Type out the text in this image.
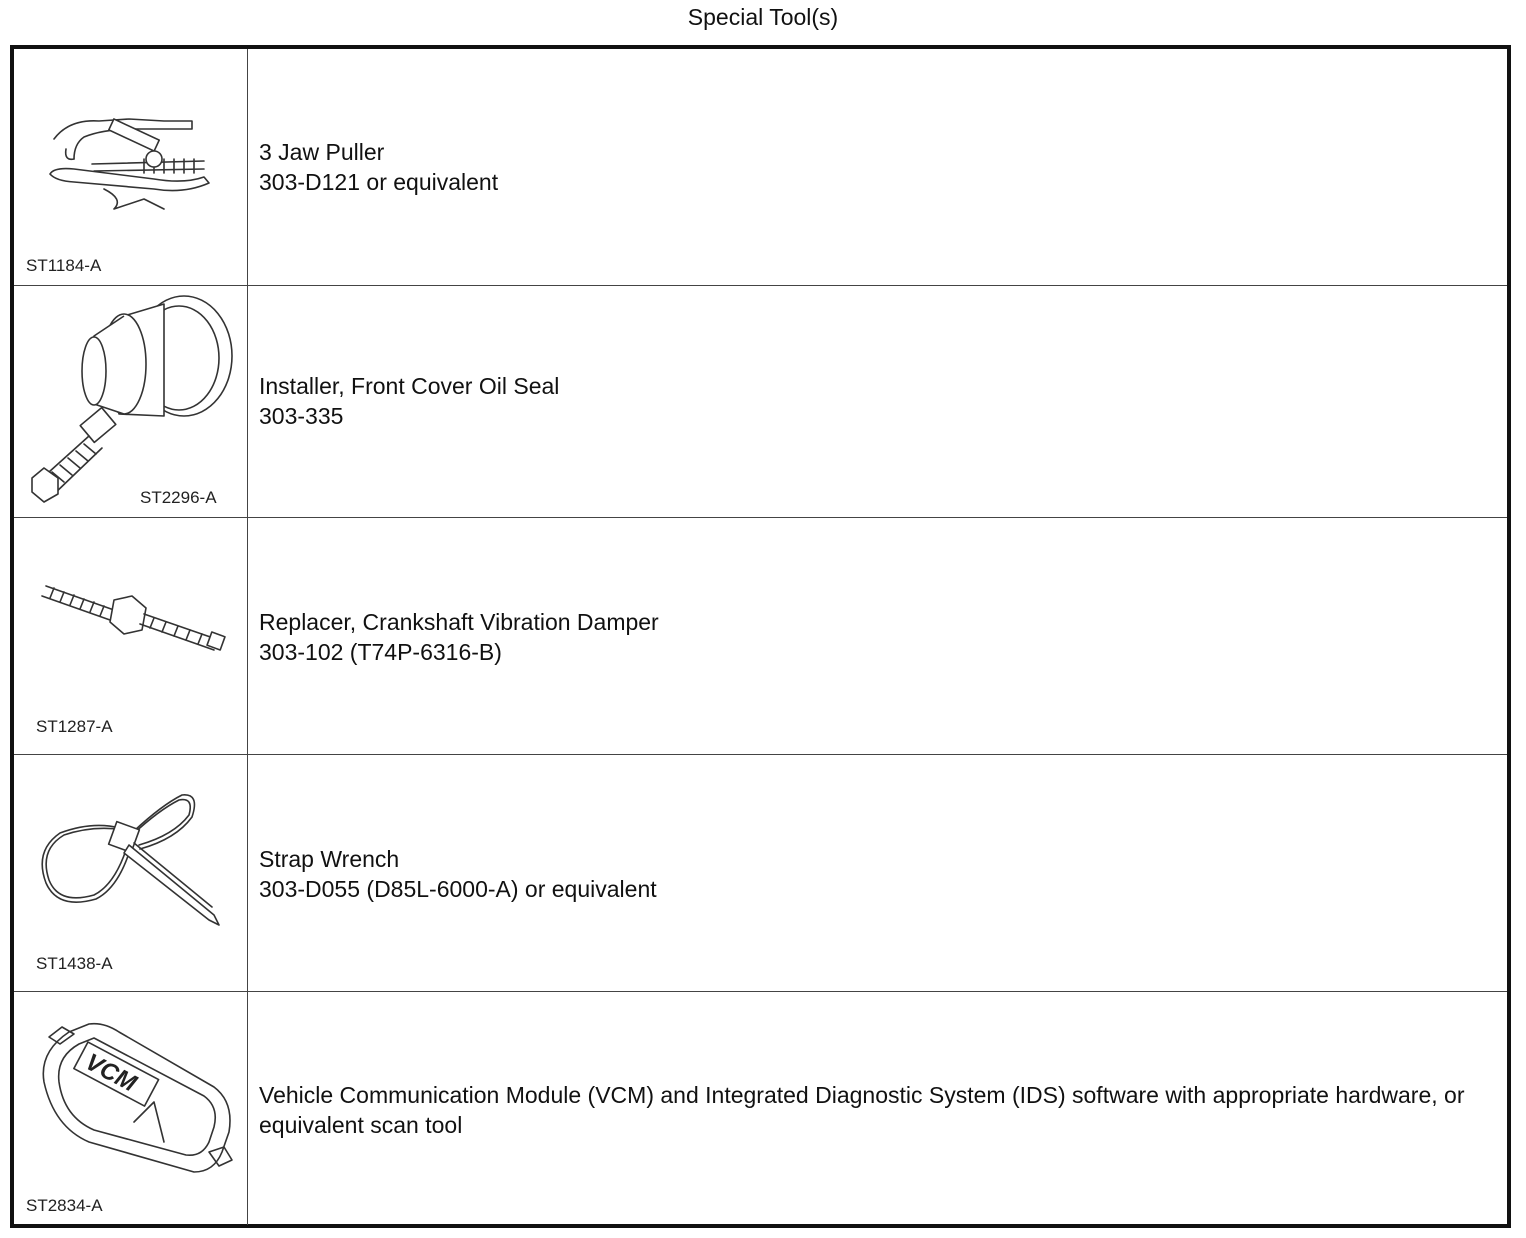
Special Tool(s)
ST1184-A
3 Jaw Puller
303-D121 or equivalent
ST2296-A
Installer, Front Cover Oil Seal
303-335
ST1287-A
Replacer, Crankshaft Vibration Damper
303-102 (T74P-6316-B)
ST1438-A
Strap Wrench
303-D055 (D85L-6000-A) or equivalent
VCM
ST2834-A
Vehicle Communication Module (VCM) and Integrated Diagnostic System (IDS) software with appropriate hardware, or equivalent scan tool
